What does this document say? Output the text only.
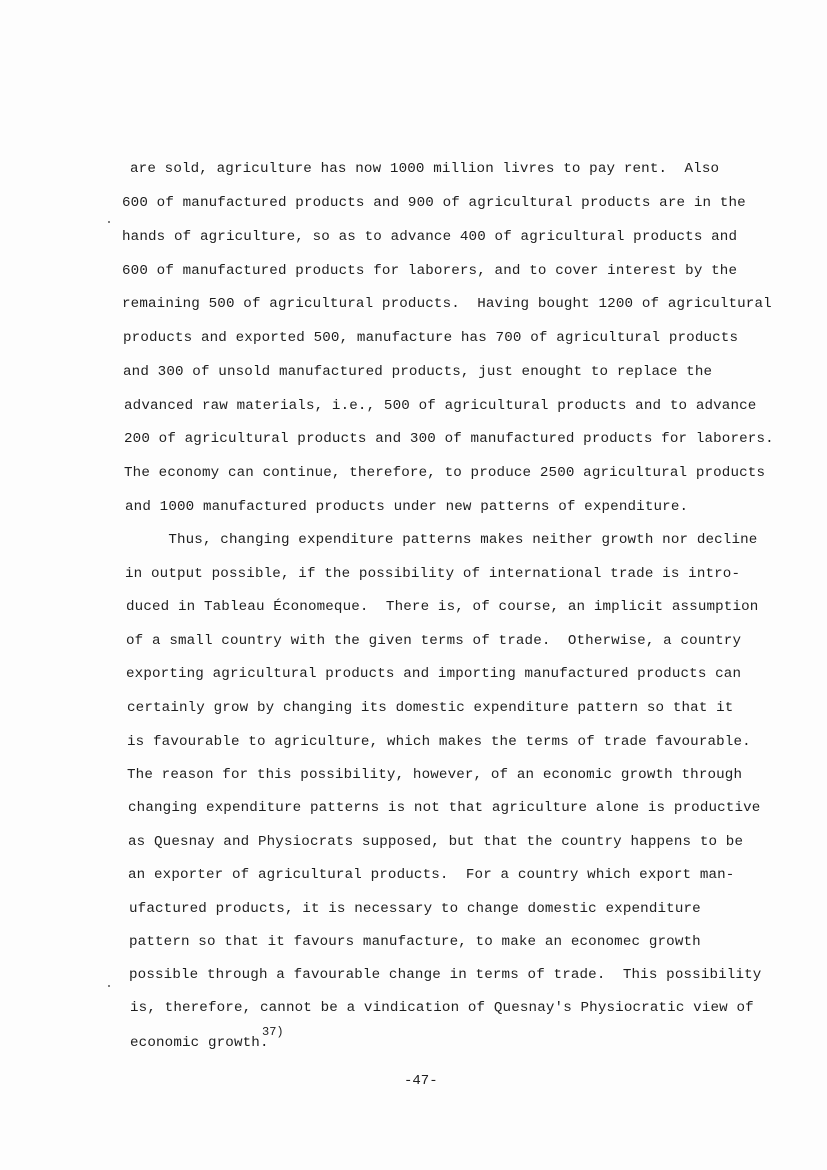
are sold, agriculture has now 1000 million livres to pay rent.  Also
600 of manufactured products and 900 of agricultural products are in the
hands of agriculture, so as to advance 400 of agricultural products and
600 of manufactured products for laborers, and to cover interest by the
remaining 500 of agricultural products.  Having bought 1200 of agricultural
products and exported 500, manufacture has 700 of agricultural products
and 300 of unsold manufactured products, just enought to replace the
advanced raw materials, i.e., 500 of agricultural products and to advance
200 of agricultural products and 300 of manufactured products for laborers.
The economy can continue, therefore, to produce 2500 agricultural products
and 1000 manufactured products under new patterns of expenditure.
Thus, changing expenditure patterns makes neither growth nor decline
in output possible, if the possibility of international trade is intro-
duced in Tableau Économeque.  There is, of course, an implicit assumption
of a small country with the given terms of trade.  Otherwise, a country
exporting agricultural products and importing manufactured products can
certainly grow by changing its domestic expenditure pattern so that it
is favourable to agriculture, which makes the terms of trade favourable.
The reason for this possibility, however, of an economic growth through
changing expenditure patterns is not that agriculture alone is productive
as Quesnay and Physiocrats supposed, but that the country happens to be
an exporter of agricultural products.  For a country which export man-
ufactured products, it is necessary to change domestic expenditure
pattern so that it favours manufacture, to make an economec growth
possible through a favourable change in terms of trade.  This possibility
is, therefore, cannot be a vindication of Quesnay's Physiocratic view of
economic growth.
37)
-47-
